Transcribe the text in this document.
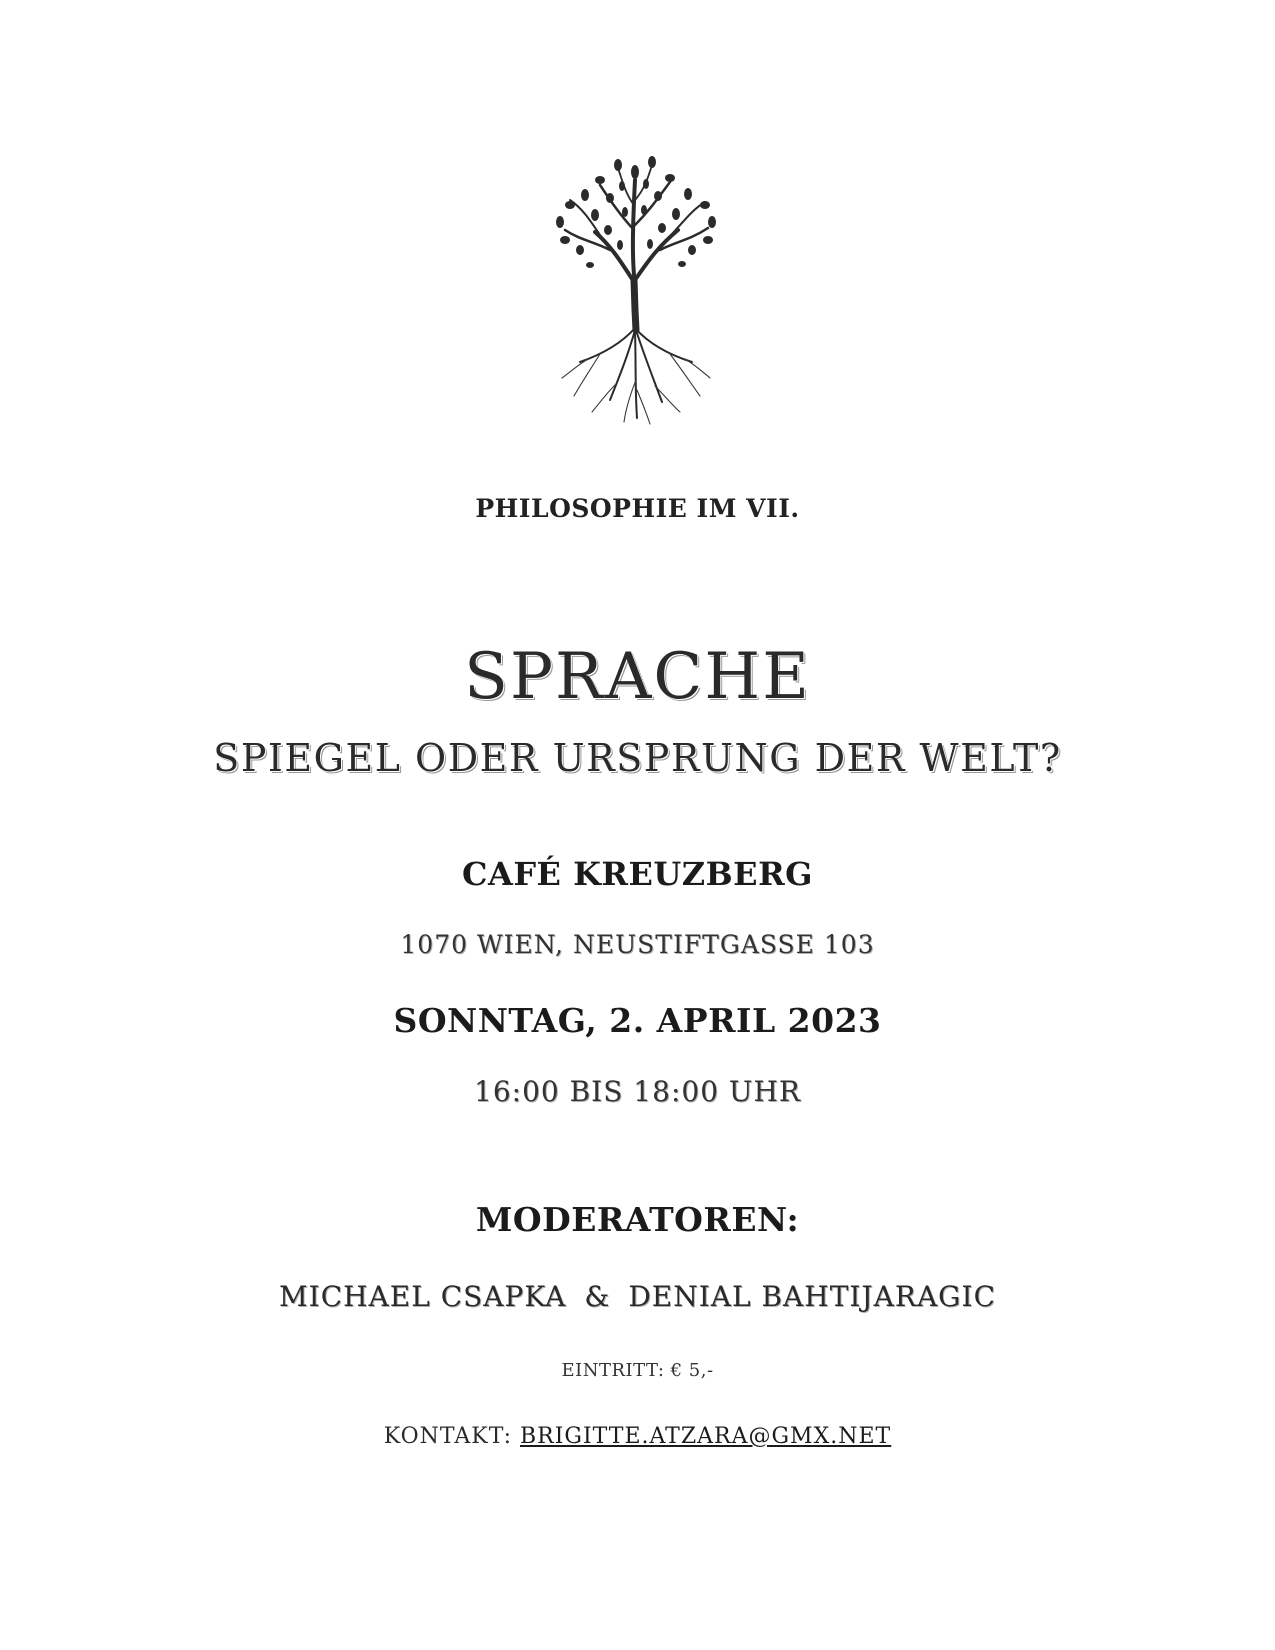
PHILOSOPHIE IM VII.
SPRACHE
SPIEGEL ODER URSPRUNG DER WELT?
CAFÉ KREUZBERG
1070 WIEN, NEUSTIFTGASSE 103
SONNTAG, 2. APRIL 2023
16:00 BIS 18:00 UHR
MODERATOREN:
MICHAEL CSAPKA & DENIAL BAHTIJARAGIC
EINTRITT: € 5,-
KONTAKT: BRIGITTE.ATZARA@GMX.NET
